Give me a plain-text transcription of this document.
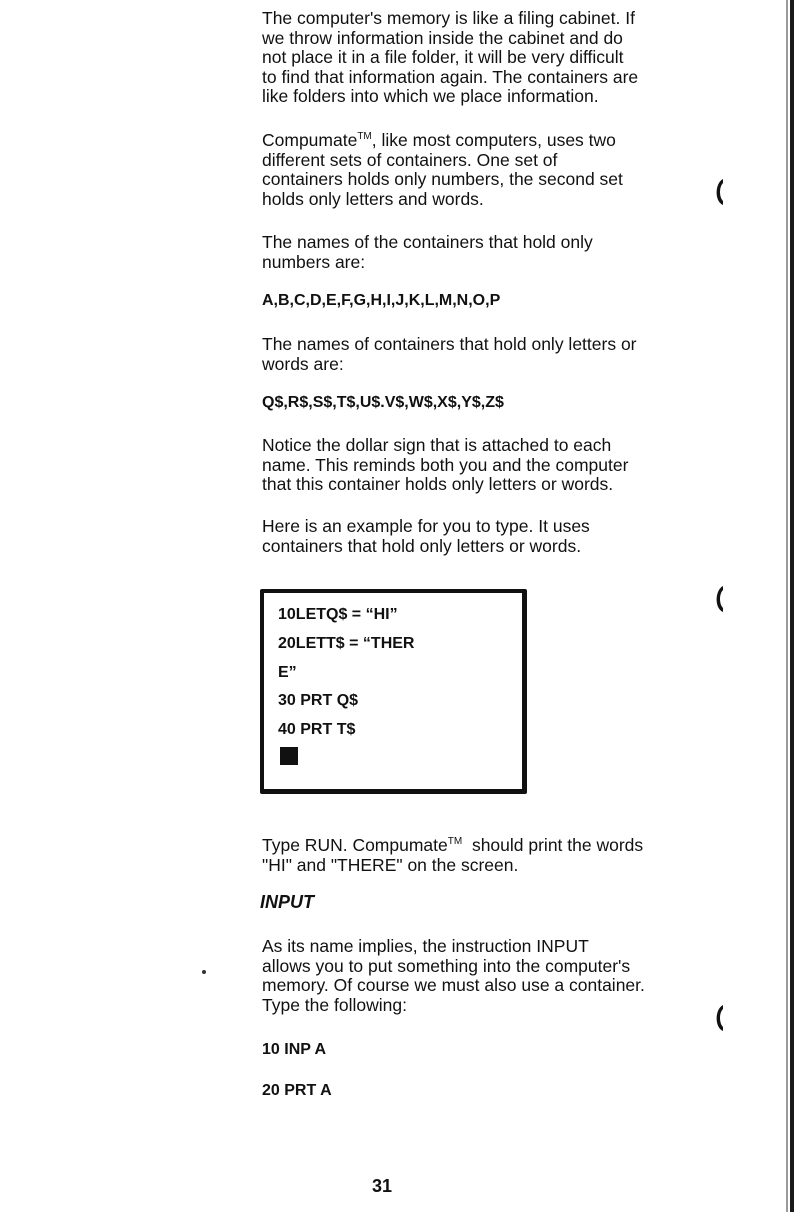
The computer's memory is like a filing cabinet. If
we throw information inside the cabinet and do
not place it in a file folder, it will be very difficult
to find that information again. The containers are
like folders into which we place information.

Compumate™, like most computers, uses two
different sets of containers. One set of
containers holds only numbers, the second set
holds only letters and words.

The names of the containers that hold only
numbers are:

A,B,C,D,E,F,G,H,I,J,K,L,M,N,O,P

The names of containers that hold only letters or
words are:

Q$,R$,S$,T$,U$.V$,W$,X$,Y$,Z$

Notice the dollar sign that is attached to each
name. This reminds both you and the computer
that this container holds only letters or words.

Here is an example for you to type. It uses
containers that hold only letters or words.

10LETQ$ = “HI”
20LETT$ = “THER
E”
30 PRT Q$
40 PRT T$

Type RUN. Compumate™  should print the words
"HI" and "THERE" on the screen.

INPUT

As its name implies, the instruction INPUT
allows you to put something into the computer's
memory. Of course we must also use a container.
Type the following:

10 INP A

20 PRT A

31
